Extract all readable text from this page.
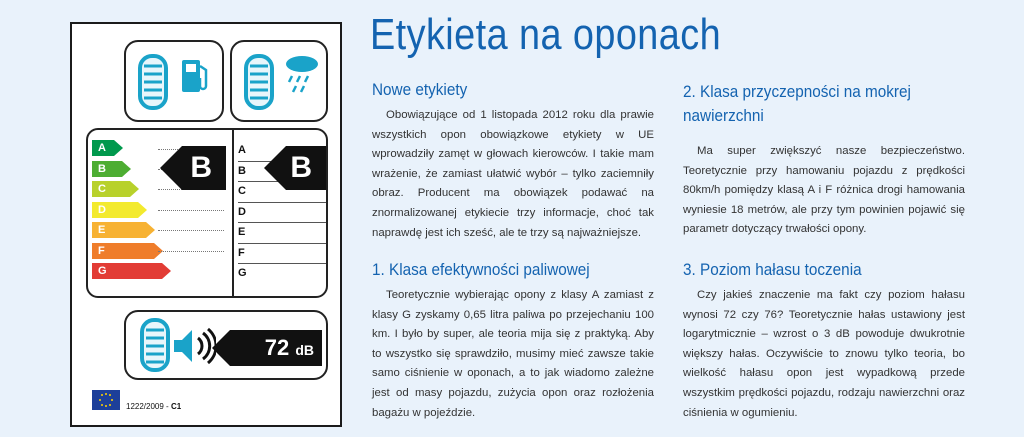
A
B
C
D
E
F
G
B
A
B
C
D
E
F
G
B
72 dB
1222/2009 - C1
Etykieta na oponach
Nowe etykiety

Obowiązujące od 1 listopada 2012 roku dla prawie wszystkich opon obowiązkowe etykiety w UE wprowadziły zamęt w głowach kierowców. I takie mam wrażenie, że zamiast ułatwić wybór – tylko zaciemniły obraz. Producent ma obowiązek podawać na znormalizowanej etykiecie trzy informacje, choć tak naprawdę jest ich sześć, ale te trzy są najważniejsze.

1. Klasa efektywności paliwowej

Teoretycznie wybierając opony z klasy A zamiast z klasy G zyskamy 0,65 litra paliwa po przejechaniu 100 km. I było by super, ale teoria mija się z praktyką. Aby to wszystko się sprawdziło, musimy mieć zawsze takie samo ciśnienie w oponach, a to jak wiadomo zależne jest od masy pojazdu, zużycia opon oraz rozłożenia bagażu w pojeździe.

2. Klasa przyczepności na mokrej nawierzchni

Ma super zwiększyć nasze bezpieczeństwo. Teoretycznie przy hamowaniu pojazdu z prędkości 80km/h pomiędzy klasą A i F różnica drogi hamowania wyniesie 18 metrów, ale przy tym powinien pojawić się parametr dotyczący trwałości opony.

3. Poziom hałasu toczenia

Czy jakieś znaczenie ma fakt czy poziom hałasu wynosi 72 czy 76? Teoretycznie hałas ustawiony jest logarytmicznie – wzrost o 3 dB powoduje dwukrotnie większy hałas. Oczywiście to znowu tylko teoria, bo wielkość hałasu opon jest wypadkową przede wszystkim prędkości pojazdu, rodzaju nawierzchni oraz ciśnienia w ogumieniu.
